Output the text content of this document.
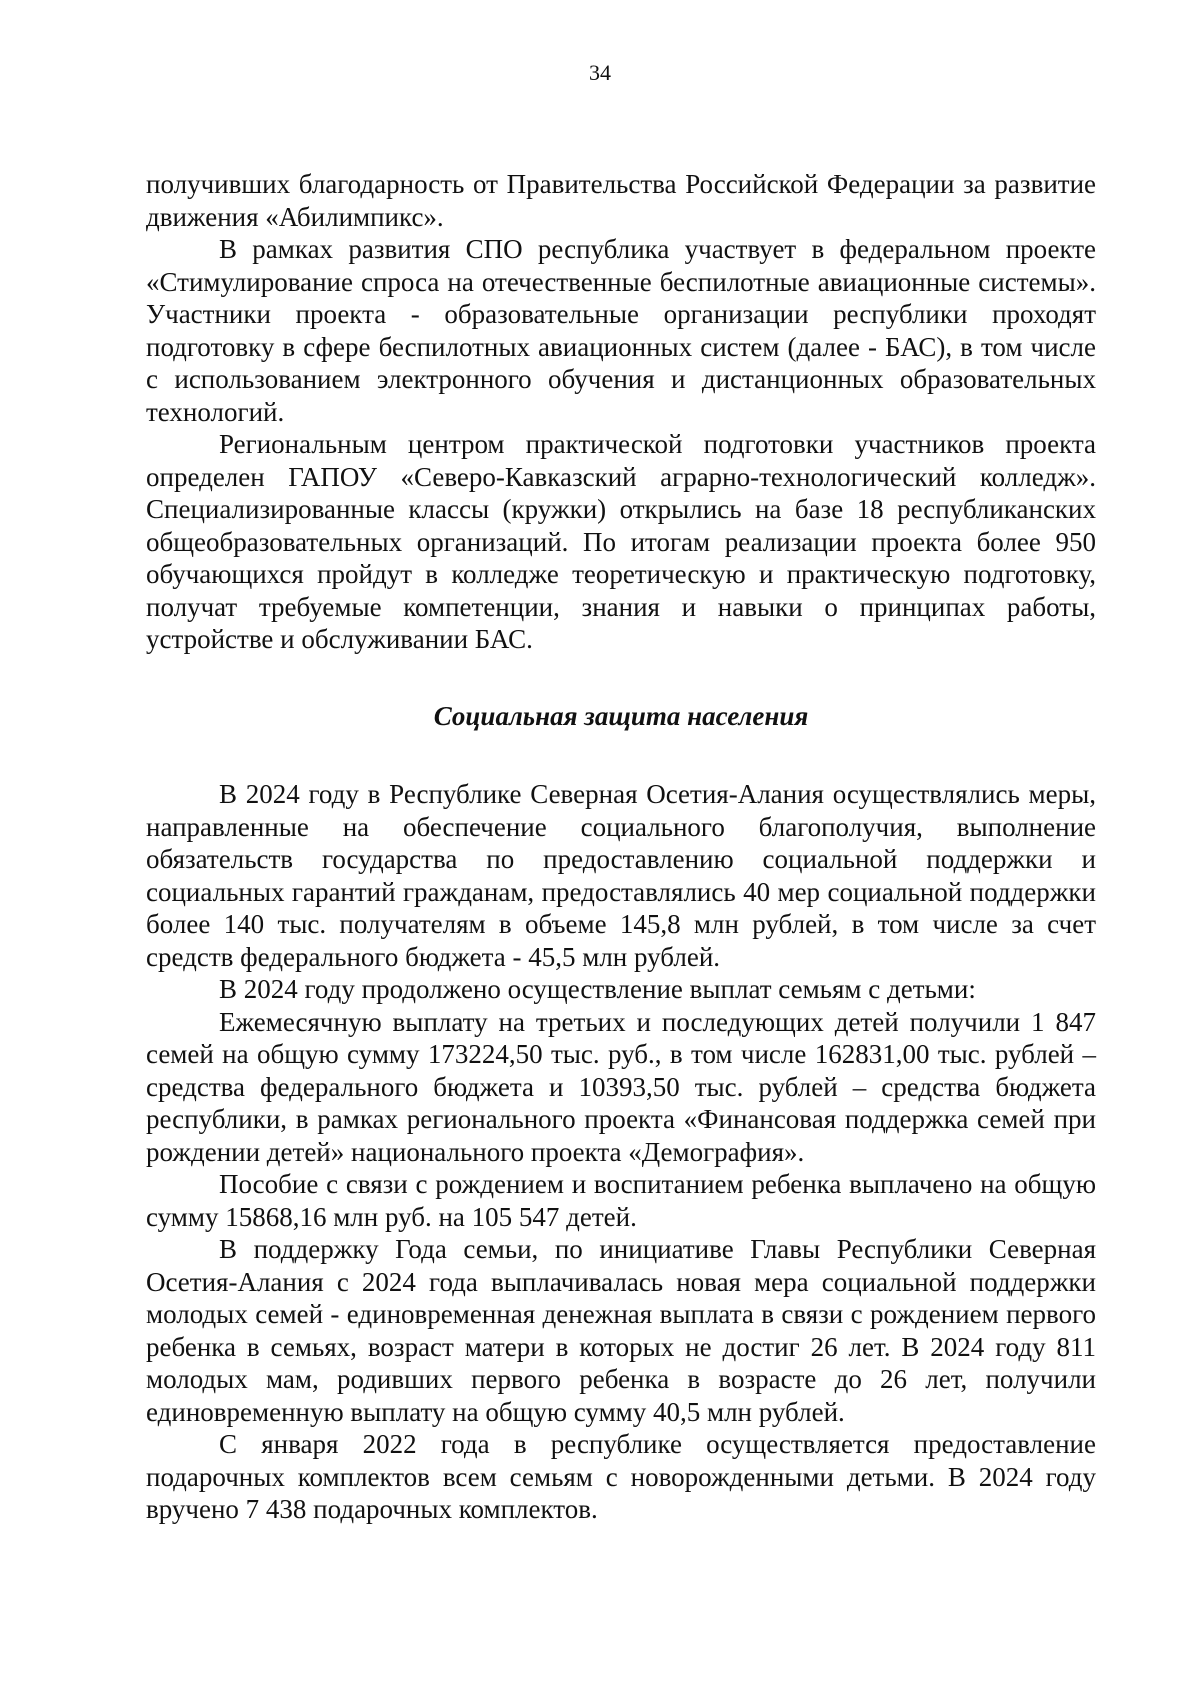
34

получивших благодарность от Правительства Российской Федерации за развитие движения «Абилимпикс».

В рамках развития СПО республика участвует в федеральном проекте «Стимулирование спроса на отечественные беспилотные авиационные системы». Участники проекта - образовательные организации республики проходят подготовку в сфере беспилотных авиационных систем (далее - БАС), в том числе с использованием электронного обучения и дистанционных образовательных технологий.

Региональным центром практической подготовки участников проекта определен ГАПОУ «Северо-Кавказский аграрно-технологический колледж». Специализированные классы (кружки) открылись на базе 18 республиканских общеобразовательных организаций. По итогам реализации проекта более 950 обучающихся пройдут в колледже теоретическую и практическую подготовку, получат требуемые компетенции, знания и навыки о принципах работы, устройстве и обслуживании БАС.

Социальная защита населения

В 2024 году в Республике Северная Осетия-Алания осуществлялись меры, направленные на обеспечение социального благополучия, выполнение обязательств государства по предоставлению социальной поддержки и социальных гарантий гражданам, предоставлялись 40 мер социальной поддержки более 140 тыс. получателям в объеме 145,8 млн рублей, в том числе за счет средств федерального бюджета - 45,5 млн рублей.

В 2024 году продолжено осуществление выплат семьям с детьми:

Ежемесячную выплату на третьих и последующих детей получили 1 847 семей на общую сумму 173224,50 тыс. руб., в том числе 162831,00 тыс. рублей – средства федерального бюджета и 10393,50 тыс. рублей – средства бюджета республики, в рамках регионального проекта «Финансовая поддержка семей при рождении детей» национального проекта «Демография».

Пособие с связи с рождением и воспитанием ребенка выплачено на общую сумму 15868,16 млн руб. на 105 547 детей.

В поддержку Года семьи, по инициативе Главы Республики Северная Осетия-Алания с 2024 года выплачивалась новая мера социальной поддержки молодых семей - единовременная денежная выплата в связи с рождением первого ребенка в семьях, возраст матери в которых не достиг 26 лет. В 2024 году 811 молодых мам, родивших первого ребенка в возрасте до 26 лет, получили единовременную выплату на общую сумму 40,5 млн рублей.

С января 2022 года в республике осуществляется предоставление подарочных комплектов всем семьям с новорожденными детьми. В 2024 году вручено 7 438 подарочных комплектов.
